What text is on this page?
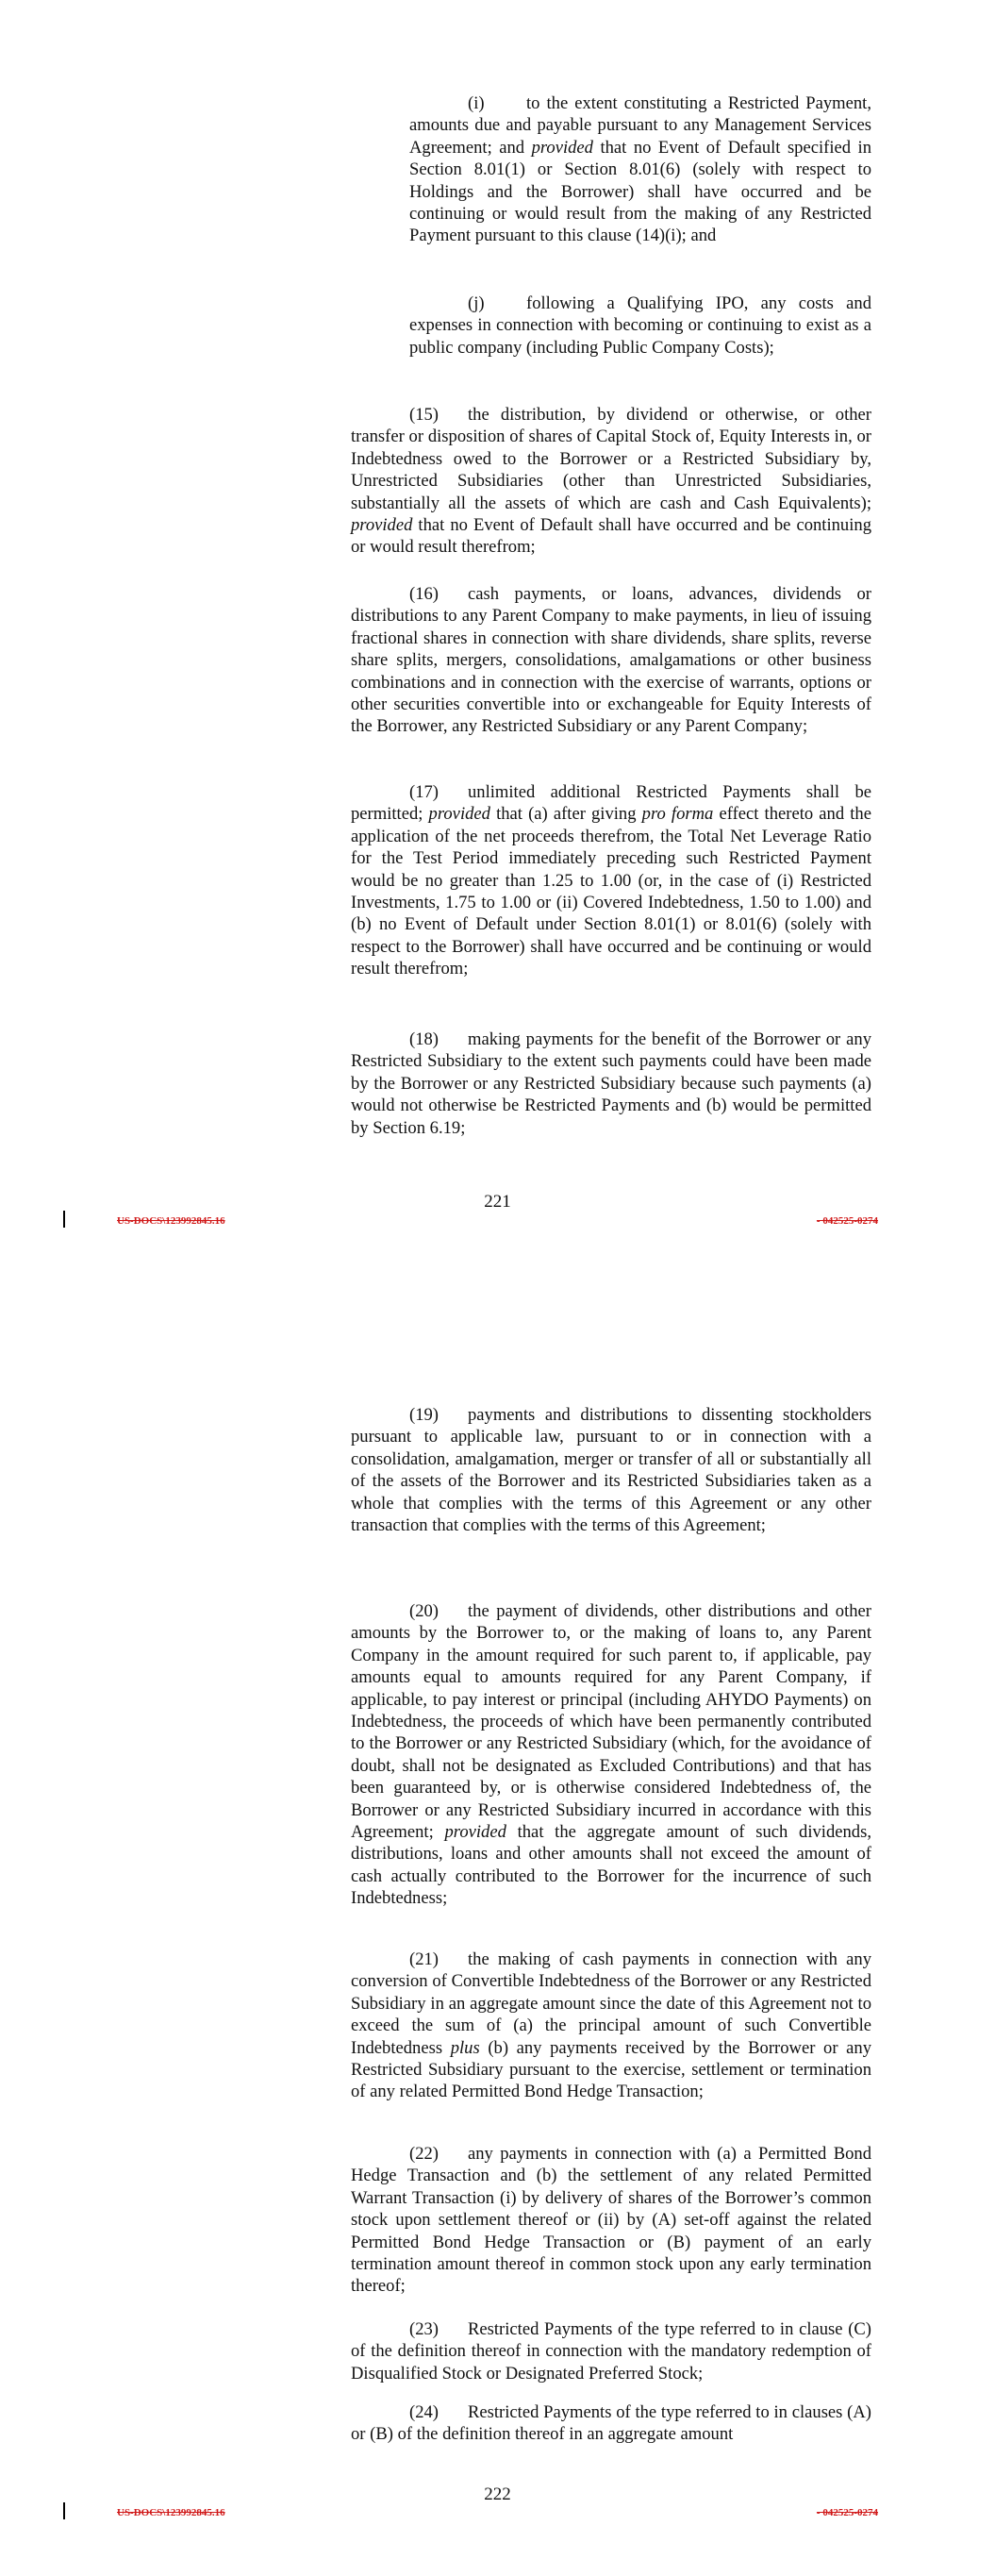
(i) to the extent constituting a Restricted Payment, amounts due and payable pursuant to any Management Services Agreement; and provided that no Event of Default specified in Section 8.01(1) or Section 8.01(6) (solely with respect to Holdings and the Borrower) shall have occurred and be continuing or would result from the making of any Restricted Payment pursuant to this clause (14)(i); and

(j) following a Qualifying IPO, any costs and expenses in connection with becoming or continuing to exist as a public company (including Public Company Costs);

(15) the distribution, by dividend or otherwise, or other transfer or disposition of shares of Capital Stock of, Equity Interests in, or Indebtedness owed to the Borrower or a Restricted Subsidiary by, Unrestricted Subsidiaries (other than Unrestricted Subsidiaries, substantially all the assets of which are cash and Cash Equivalents); provided that no Event of Default shall have occurred and be continuing or would result therefrom;

(16) cash payments, or loans, advances, dividends or distributions to any Parent Company to make payments, in lieu of issuing fractional shares in connection with share dividends, share splits, reverse share splits, mergers, consolidations, amalgamations or other business combinations and in connection with the exercise of warrants, options or other securities convertible into or exchangeable for Equity Interests of the Borrower, any Restricted Subsidiary or any Parent Company;

(17) unlimited additional Restricted Payments shall be permitted; provided that (a) after giving pro forma effect thereto and the application of the net proceeds therefrom, the Total Net Leverage Ratio for the Test Period immediately preceding such Restricted Payment would be no greater than 1.25 to 1.00 (or, in the case of (i) Restricted Investments, 1.75 to 1.00 or (ii) Covered Indebtedness, 1.50 to 1.00) and (b) no Event of Default under Section 8.01(1) or 8.01(6) (solely with respect to the Borrower) shall have occurred and be continuing or would result therefrom;

(18) making payments for the benefit of the Borrower or any Restricted Subsidiary to the extent such payments could have been made by the Borrower or any Restricted Subsidiary because such payments (a) would not otherwise be Restricted Payments and (b) would be permitted by Section 6.19;

221
US-DOCS\123992845.16	- 042525-0274

(19) payments and distributions to dissenting stockholders pursuant to applicable law, pursuant to or in connection with a consolidation, amalgamation, merger or transfer of all or substantially all of the assets of the Borrower and its Restricted Subsidiaries taken as a whole that complies with the terms of this Agreement or any other transaction that complies with the terms of this Agreement;

(20) the payment of dividends, other distributions and other amounts by the Borrower to, or the making of loans to, any Parent Company in the amount required for such parent to, if applicable, pay amounts equal to amounts required for any Parent Company, if applicable, to pay interest or principal (including AHYDO Payments) on Indebtedness, the proceeds of which have been permanently contributed to the Borrower or any Restricted Subsidiary (which, for the avoidance of doubt, shall not be designated as Excluded Contributions) and that has been guaranteed by, or is otherwise considered Indebtedness of, the Borrower or any Restricted Subsidiary incurred in accordance with this Agreement; provided that the aggregate amount of such dividends, distributions, loans and other amounts shall not exceed the amount of cash actually contributed to the Borrower for the incurrence of such Indebtedness;

(21) the making of cash payments in connection with any conversion of Convertible Indebtedness of the Borrower or any Restricted Subsidiary in an aggregate amount since the date of this Agreement not to exceed the sum of (a) the principal amount of such Convertible Indebtedness plus (b) any payments received by the Borrower or any Restricted Subsidiary pursuant to the exercise, settlement or termination of any related Permitted Bond Hedge Transaction;

(22) any payments in connection with (a) a Permitted Bond Hedge Transaction and (b) the settlement of any related Permitted Warrant Transaction (i) by delivery of shares of the Borrower’s common stock upon settlement thereof or (ii) by (A) set-off against the related Permitted Bond Hedge Transaction or (B) payment of an early termination amount thereof in common stock upon any early termination thereof;

(23) Restricted Payments of the type referred to in clause (C) of the definition thereof in connection with the mandatory redemption of Disqualified Stock or Designated Preferred Stock;

(24) Restricted Payments of the type referred to in clauses (A) or (B) of the definition thereof in an aggregate amount

222
US-DOCS\123992845.16	- 042525-0274
